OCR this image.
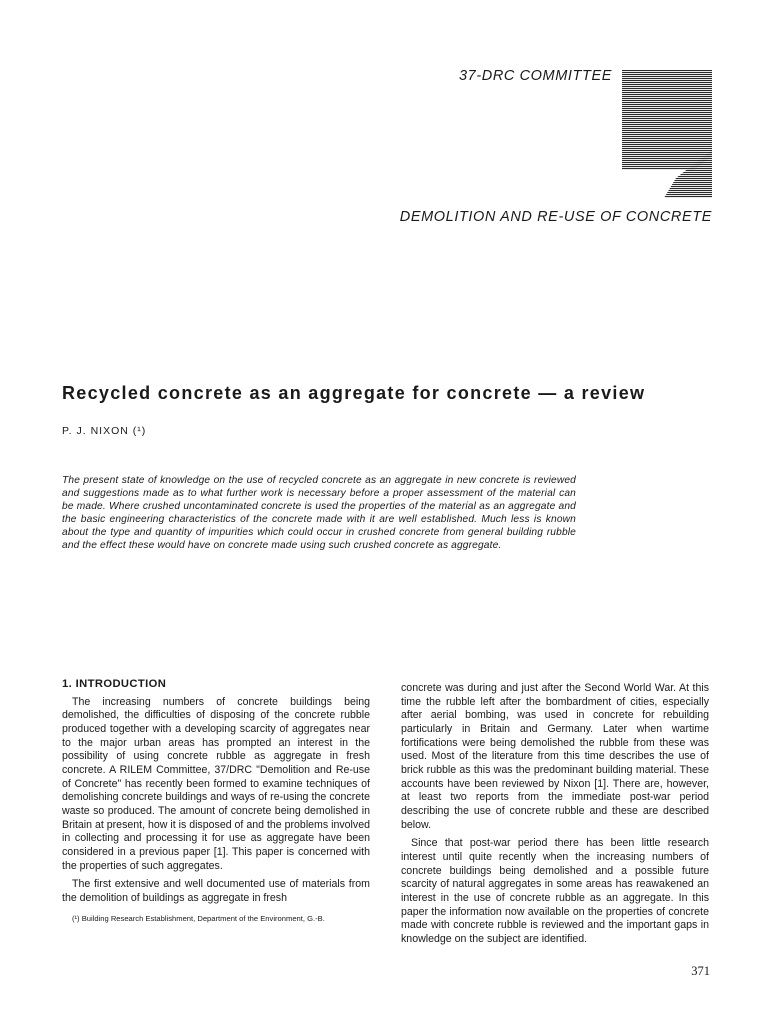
37-DRC COMMITTEE
DEMOLITION AND RE-USE OF CONCRETE
Recycled concrete as an aggregate for concrete — a review
P. J. NIXON (¹)

The present state of knowledge on the use of recycled concrete as an aggregate in new concrete is reviewed and suggestions made as to what further work is necessary before a proper assessment of the material can be made. Where crushed uncontaminated concrete is used the properties of the material as an aggregate and the basic engineering characteristics of the concrete made with it are well established. Much less is known about the type and quantity of impurities which could occur in crushed concrete from general building rubble and the effect these would have on concrete made using such crushed concrete as aggregate.

1. INTRODUCTION

The increasing numbers of concrete buildings being demolished, the difficulties of disposing of the concrete rubble produced together with a developing scarcity of aggregates near to the major urban areas has prompted an interest in the possibility of using concrete rubble as aggregate in fresh concrete. A RILEM Committee, 37/DRC "Demolition and Re-use of Concrete" has recently been formed to examine techniques of demolishing concrete buildings and ways of re-using the concrete waste so produced. The amount of concrete being demolished in Britain at present, how it is disposed of and the problems involved in collecting and processing it for use as aggregate have been considered in a previous paper [1]. This paper is concerned with the properties of such aggregates.

The first extensive and well documented use of materials from the demolition of buildings as aggregate in fresh

(¹) Building Research Establishment, Department of the Environment, G.-B.

concrete was during and just after the Second World War. At this time the rubble left after the bombardment of cities, especially after aerial bombing, was used in concrete for rebuilding particularly in Britain and Germany. Later when wartime fortifications were being demolished the rubble from these was used. Most of the literature from this time describes the use of brick rubble as this was the predominant building material. These accounts have been reviewed by Nixon [1]. There are, however, at least two reports from the immediate post-war period describing the use of concrete rubble and these are described below.

Since that post-war period there has been little research interest until quite recently when the increasing numbers of concrete buildings being demolished and a possible future scarcity of natural aggregates in some areas has reawakened an interest in the use of concrete rubble as an aggregate. In this paper the information now available on the properties of concrete made with concrete rubble is reviewed and the important gaps in knowledge on the subject are identified.

371
